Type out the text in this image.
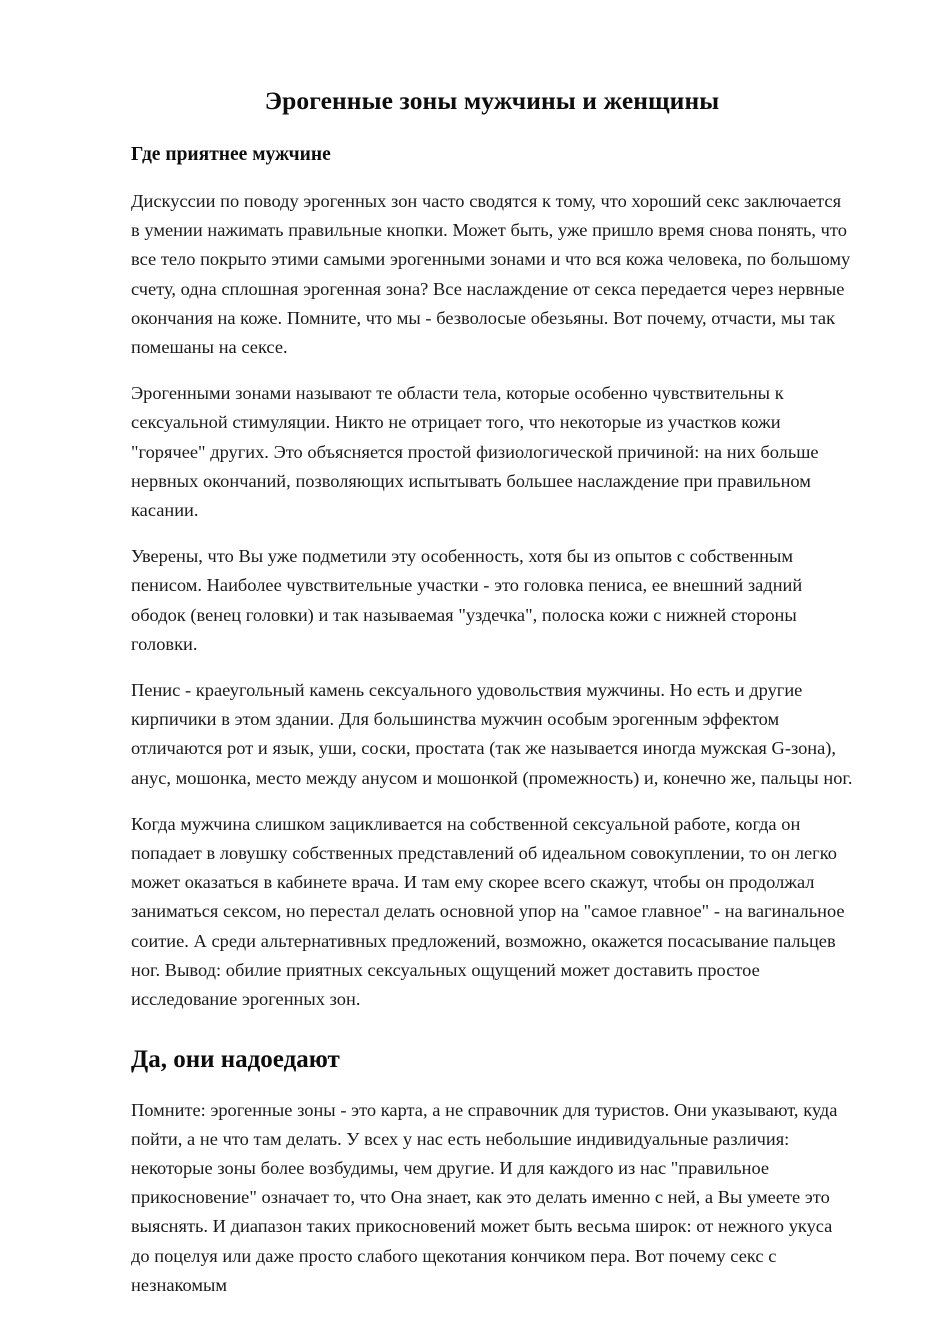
Эрогенные зоны мужчины и женщины
Где приятнее мужчине

Дискуссии по поводу эрогенных зон часто сводятся к тому, что хороший секс заключается в умении нажимать правильные кнопки. Может быть, уже пришло время снова понять, что все тело покрыто этими самыми эрогенными зонами и что вся кожа человека, по большому счету, одна сплошная эрогенная зона? Все наслаждение от секса передается через нервные окончания на коже. Помните, что мы - безволосые обезьяны. Вот почему, отчасти, мы так помешаны на сексе.

Эрогенными зонами называют те области тела, которые особенно чувствительны к сексуальной стимуляции. Никто не отрицает того, что некоторые из участков кожи "горячее" других. Это объясняется простой физиологической причиной: на них больше нервных окончаний, позволяющих испытывать большее наслаждение при правильном касании.

Уверены, что Вы уже подметили эту особенность, хотя бы из опытов с собственным пенисом. Наиболее чувствительные участки - это головка пениса, ее внешний задний ободок (венец головки) и так называемая "уздечка", полоска кожи с нижней стороны головки.

Пенис - краеугольный камень сексуального удовольствия мужчины. Но есть и другие кирпичики в этом здании. Для большинства мужчин особым эрогенным эффектом отличаются рот и язык, уши, соски, простата (так же называется иногда мужская G-зона), анус, мошонка, место между анусом и мошонкой (промежность) и, конечно же, пальцы ног.

Когда мужчина слишком зацикливается на собственной сексуальной работе, когда он попадает в ловушку собственных представлений об идеальном совокуплении, то он легко может оказаться в кабинете врача. И там ему скорее всего скажут, чтобы он продолжал заниматься сексом, но перестал делать основной упор на "самое главное" - на вагинальное соитие. А среди альтернативных предложений, возможно, окажется посасывание пальцев ног. Вывод: обилие приятных сексуальных ощущений может доставить простое исследование эрогенных зон.

Да, они надоедают

Помните: эрогенные зоны - это карта, а не справочник для туристов. Они указывают, куда пойти, а не что там делать. У всех у нас есть небольшие индивидуальные различия: некоторые зоны более возбудимы, чем другие. И для каждого из нас "правильное прикосновение" означает то, что Она знает, как это делать именно с ней, а Вы умеете это выяснять. И диапазон таких прикосновений может быть весьма широк: от нежного укуса до поцелуя или даже просто слабого щекотания кончиком пера. Вот почему секс с незнакомым
